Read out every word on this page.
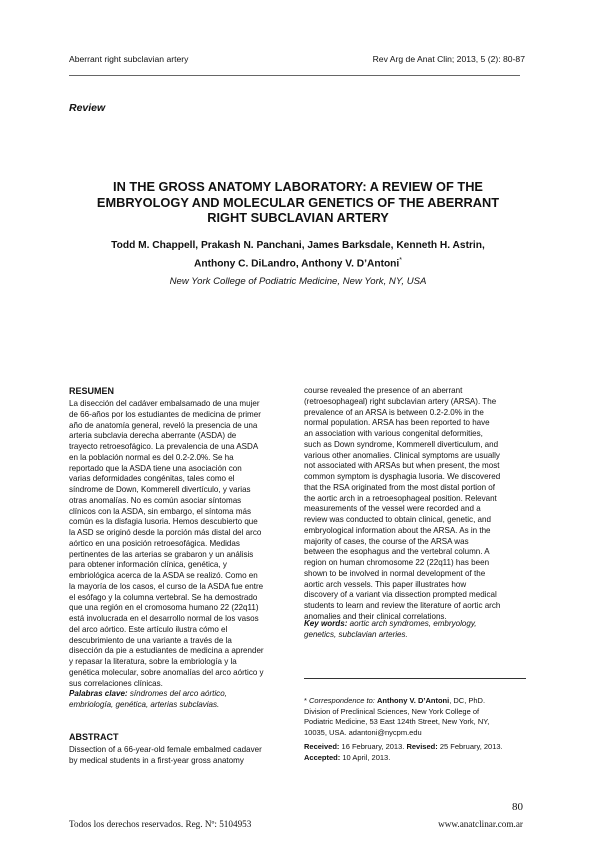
Aberrant right subclavian artery	Rev Arg de Anat Clin; 2013, 5 (2): 80-87
Review
IN THE GROSS ANATOMY LABORATORY: A REVIEW OF THE
EMBRYOLOGY AND MOLECULAR GENETICS OF THE ABERRANT
RIGHT SUBCLAVIAN ARTERY
Todd M. Chappell, Prakash N. Panchani, James Barksdale, Kenneth H. Astrin,
Anthony C. DiLandro, Anthony V. D’Antoni*
New York College of Podiatric Medicine, New York, NY, USA
RESUMEN

La disección del cadáver embalsamado de una mujer

de 66-años por los estudiantes de medicina de primer

año de anatomía general, reveló la presencia de una

arteria subclavia derecha aberrante (ASDA) de

trayecto retroesofágico. La prevalencia de una ASDA

en la población normal es del 0.2-2.0%. Se ha

reportado que la ASDA tiene una asociación con

varias deformidades congénitas, tales como el

síndrome de Down, Kommerell divertículo, y varias

otras anomalías. No es común asociar síntomas

clínicos con la ASDA, sin embargo, el síntoma más

común es la disfagia lusoria. Hemos descubierto que

la ASD se originó desde la porción más distal del arco

aórtico en una posición retroesofágica. Medidas

pertinentes de las arterias se grabaron y un análisis

para obtener información clínica, genética, y

embriológica acerca de la ASDA se realizó. Como en

la mayoría de los casos, el curso de la ASDA fue entre

el esófago y la columna vertebral. Se ha demostrado

que una región en el cromosoma humano 22 (22q11)

está involucrada en el desarrollo normal de los vasos

del arco aórtico. Este artículo ilustra cómo el

descubrimiento de una variante a través de la

disección da pie a estudiantes de medicina a aprender

y repasar la literatura, sobre la embriología y la

genética molecular, sobre anomalías del arco aórtico y

sus correlaciones clínicas.

Palabras clave: síndromes del arco aórtico,

embriología, genética, arterias subclavias.

ABSTRACT

Dissection of a 66-year-old female embalmed cadaver

by medical students in a first-year gross anatomy

course revealed the presence of an aberrant

(retroesophageal) right subclavian artery (ARSA). The

prevalence of an ARSA is between 0.2-2.0% in the

normal population. ARSA has been reported to have

an association with various congenital deformities,

such as Down syndrome, Kommerell diverticulum, and

various other anomalies. Clinical symptoms are usually

not associated with ARSAs but when present, the most

common symptom is dysphagia lusoria. We discovered

that the RSA originated from the most distal portion of

the aortic arch in a retroesophageal position. Relevant

measurements of the vessel were recorded and a

review was conducted to obtain clinical, genetic, and

embryological information about the ARSA. As in the

majority of cases, the course of the ARSA was

between the esophagus and the vertebral column. A

region on human chromosome 22 (22q11) has been

shown to be involved in normal development of the

aortic arch vessels. This paper illustrates how

discovery of a variant via dissection prompted medical

students to learn and review the literature of aortic arch

anomalies and their clinical correlations.

Key words: aortic arch syndromes, embryology,

genetics, subclavian arteries.

* Correspondence to: Anthony V. D’Antoni, DC, PhD.
Division of Preclinical Sciences, New York College of
Podiatric Medicine, 53 East 124th Street, New York, NY,
10035, USA. adantoni@nycpm.edu
Received: 16 February, 2013. Revised: 25 February, 2013.
Accepted: 10 April, 2013.
80
Todos los derechos reservados. Reg. Nº: 5104953	www.anatclinar.com.ar
